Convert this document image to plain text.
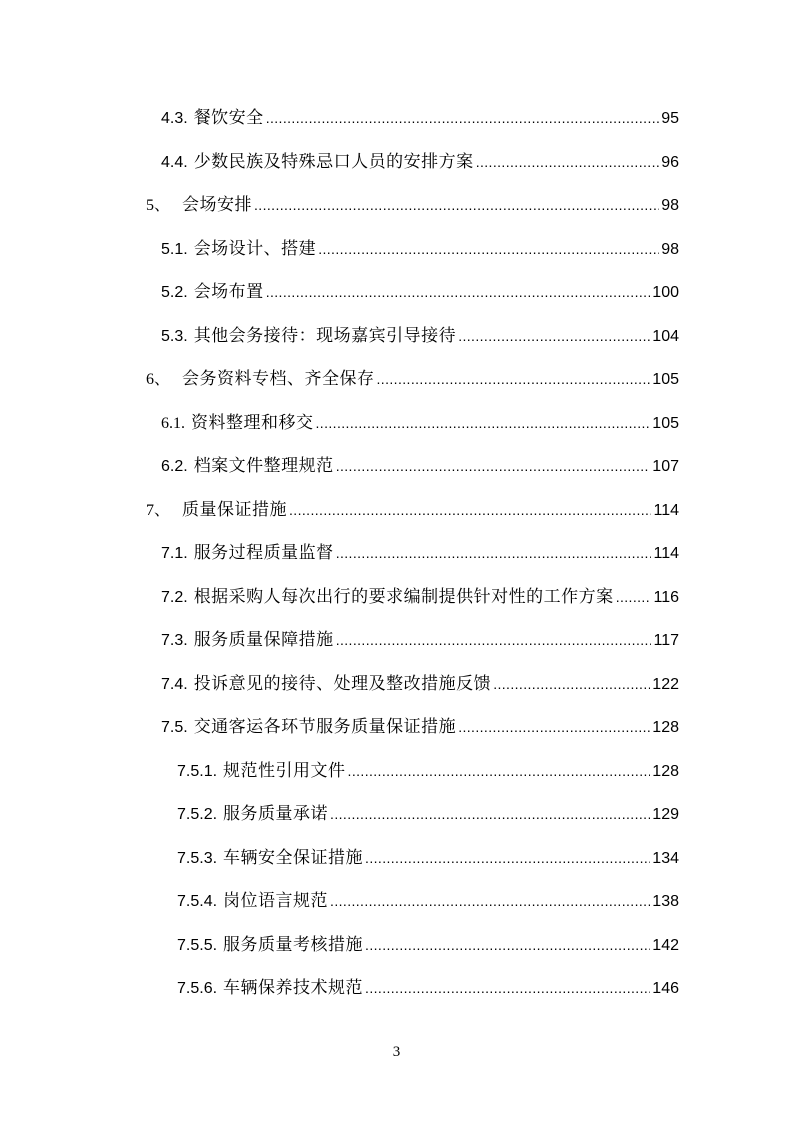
4.3. 餐饮安全 .....	95
4.4. 少数民族及特殊忌口人员的安排方案 .....	96
5、 会场安排 .....	98
5.1. 会场设计、搭建 .....	98
5.2. 会场布置 .....	100
5.3. 其他会务接待：现场嘉宾引导接待 .....	104
6、 会务资料专档、齐全保存 .....	105
6.1. 资料整理和移交 .....	105
6.2. 档案文件整理规范 .....	107
7、 质量保证措施 .....	114
7.1. 服务过程质量监督 .....	114
7.2. 根据采购人每次出行的要求编制提供针对性的工作方案 ..... 116
7.3. 服务质量保障措施 .....	117
7.4. 投诉意见的接待、处理及整改措施反馈 .....	122
7.5. 交通客运各环节服务质量保证措施 .....	128
7.5.1. 规范性引用文件 .....	128
7.5.2. 服务质量承诺 .....	129
7.5.3. 车辆安全保证措施 .....	134
7.5.4. 岗位语言规范 .....	138
7.5.5. 服务质量考核措施 .....	142
7.5.6. 车辆保养技术规范 .....	146
3
